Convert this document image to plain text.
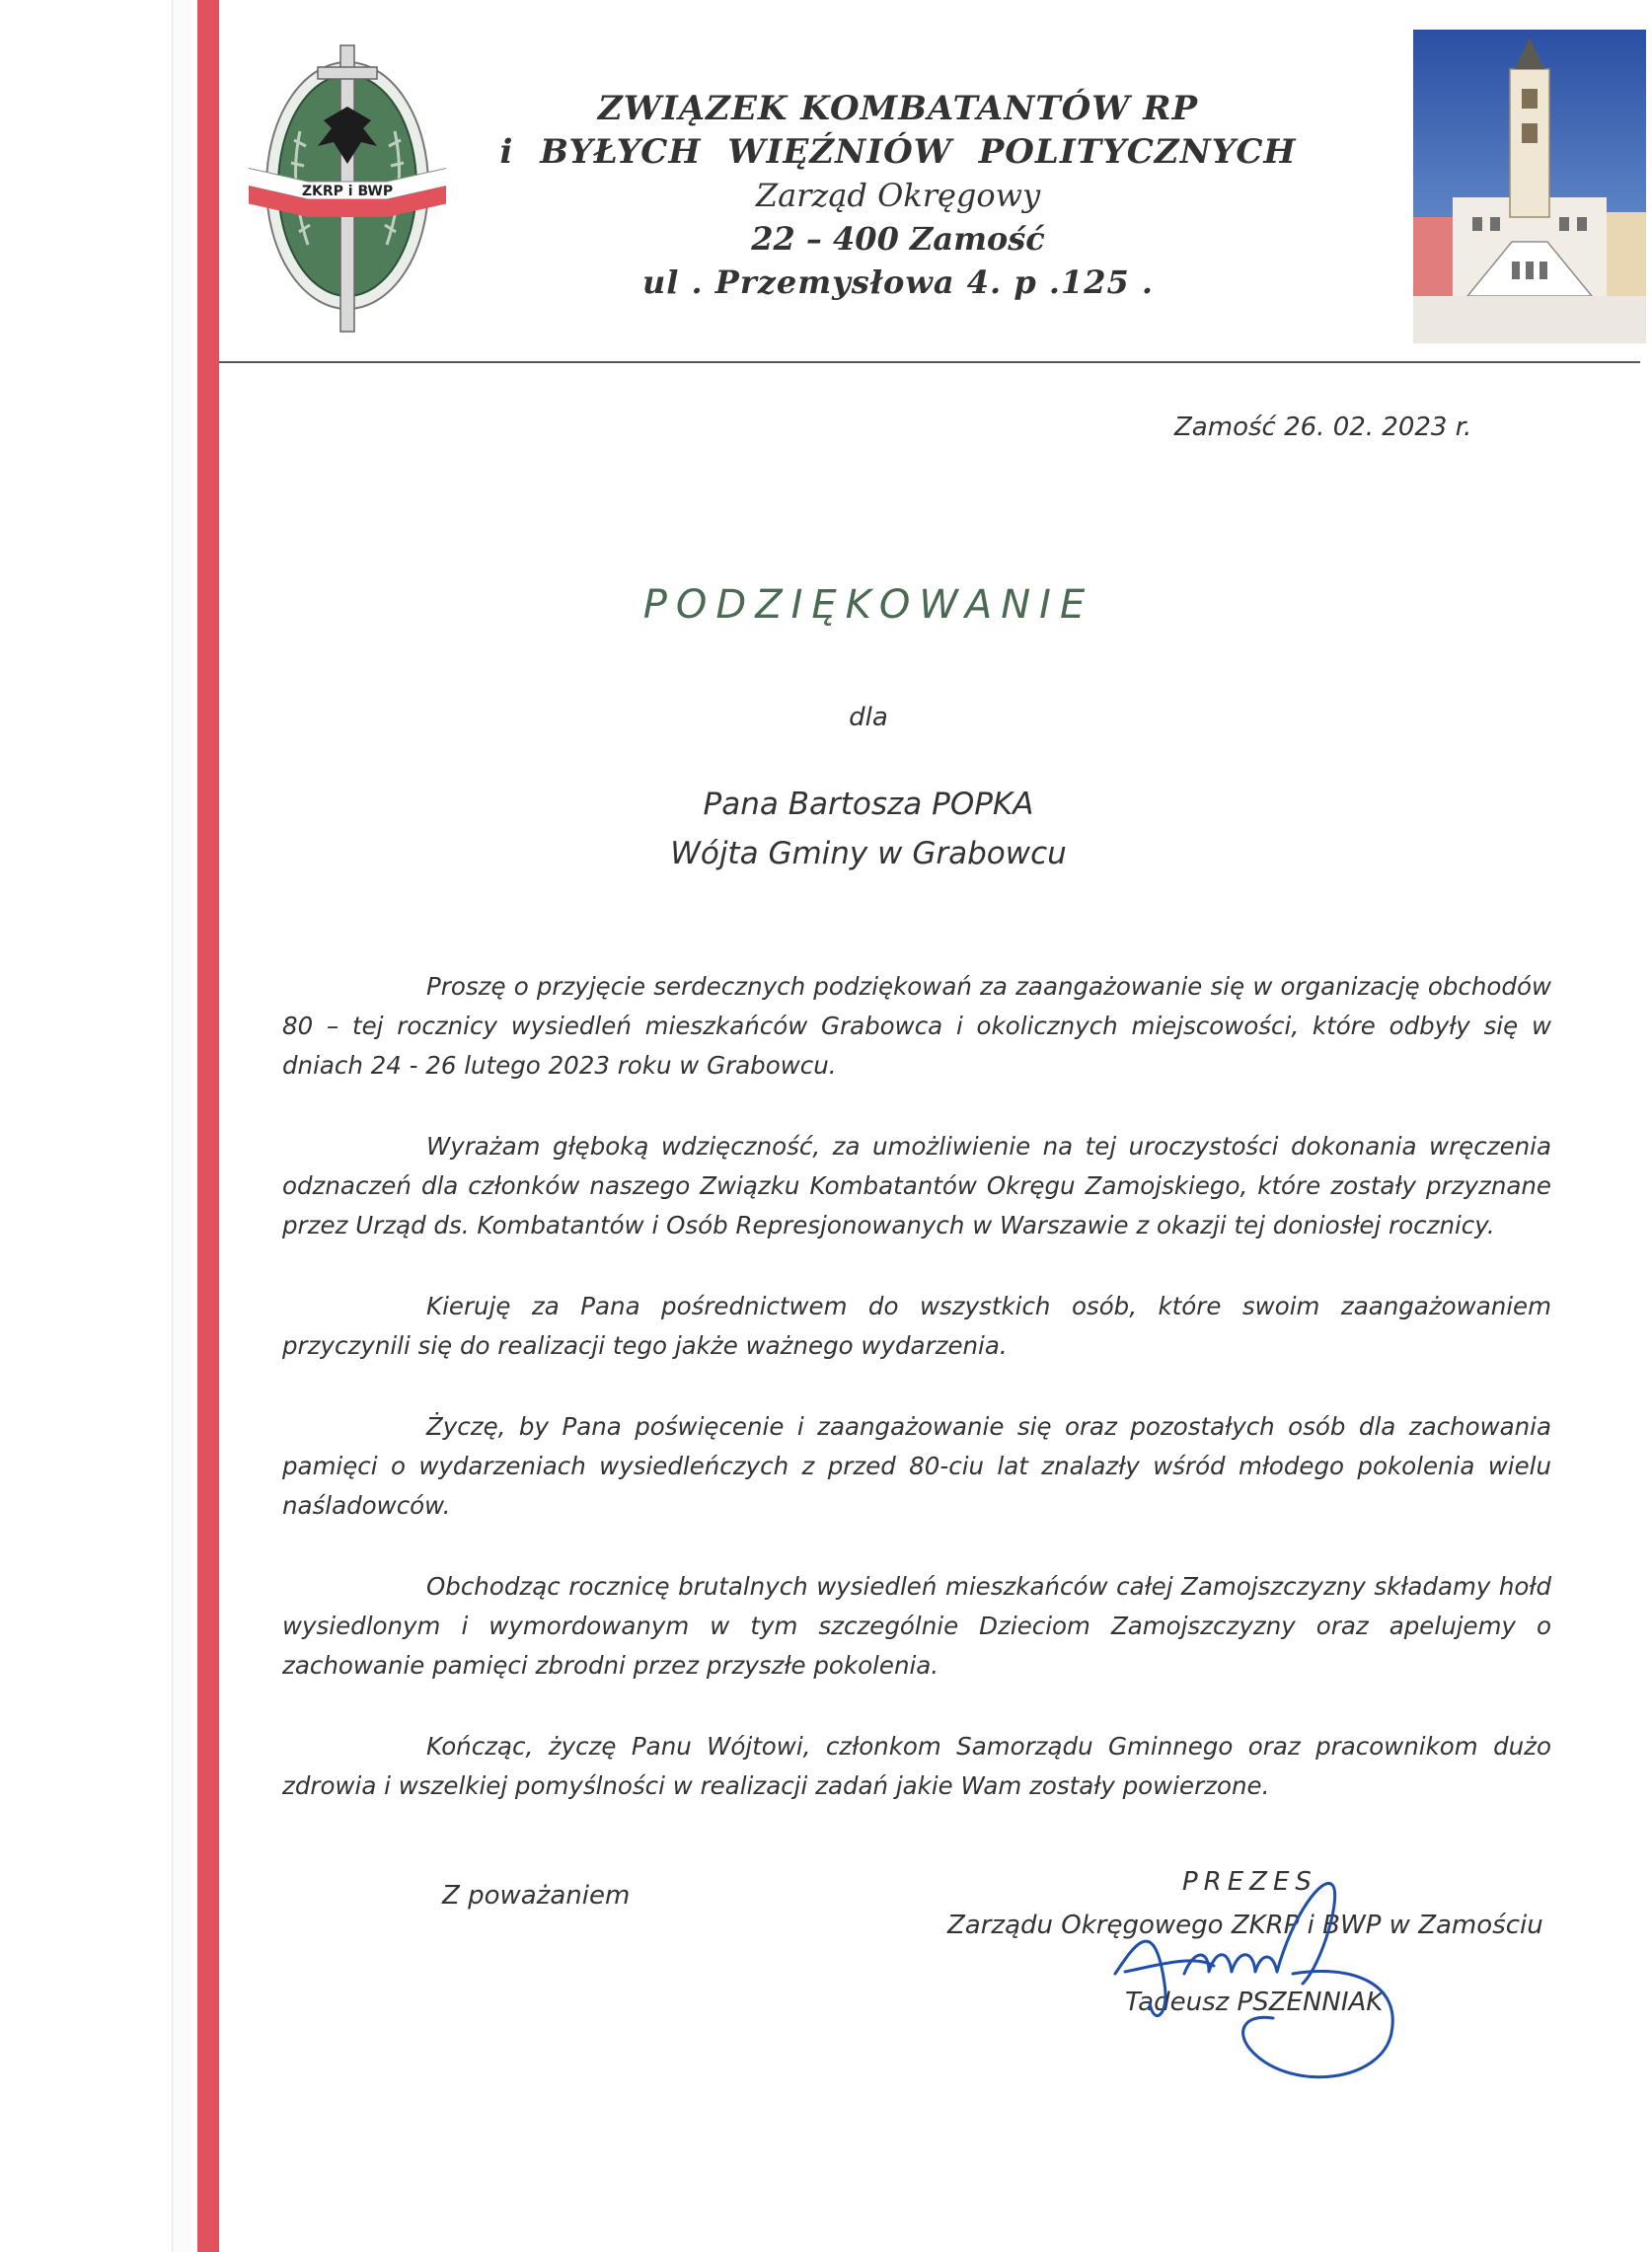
ZKRP i BWP
ZWIĄZEK KOMBATANTÓW RP
i BYŁYCH WIĘŹNIÓW POLITYCZNYCH
Zarząd Okręgowy
22 – 400 Zamość
ul . Przemysłowa 4. p .125 .
Zamość 26. 02. 2023 r.
PODZIĘKOWANIE
dla
Pana Bartosza POPKA
Wójta Gminy w Grabowcu

Proszę o przyjęcie serdecznych podziękowań za zaangażowanie się w organizację obchodów 80 – tej rocznicy wysiedleń mieszkańców Grabowca i okolicznych miejscowości, które odbyły się w dniach 24 - 26 lutego 2023 roku w Grabowcu.

Wyrażam głęboką wdzięczność, za umożliwienie na tej uroczystości dokonania wręczenia odznaczeń dla członków naszego Związku Kombatantów Okręgu Zamojskiego, które zostały przyznane przez Urząd ds. Kombatantów i Osób Represjonowanych w Warszawie z okazji tej doniosłej rocznicy.

Kieruję za Pana pośrednictwem do wszystkich osób, które swoim zaangażowaniem przyczynili się do realizacji tego jakże ważnego wydarzenia.

Życzę, by Pana poświęcenie i zaangażowanie się oraz pozostałych osób dla zachowania pamięci o wydarzeniach wysiedleńczych z przed 80-ciu lat znalazły wśród młodego pokolenia wielu naśladowców.

Obchodząc rocznicę brutalnych wysiedleń mieszkańców całej Zamojszczyzny składamy hołd wysiedlonym i wymordowanym w tym szczególnie Dzieciom Zamojszczyzny oraz apelujemy o zachowanie pamięci zbrodni przez przyszłe pokolenia.

Kończąc, życzę Panu Wójtowi, członkom Samorządu Gminnego oraz pracownikom dużo zdrowia i wszelkiej pomyślności w realizacji zadań jakie Wam zostały powierzone.

Z poważaniem	PREZES
Zarządu Okręgowego ZKRP i BWP w Zamościu
Tadeusz PSZENNIAK
